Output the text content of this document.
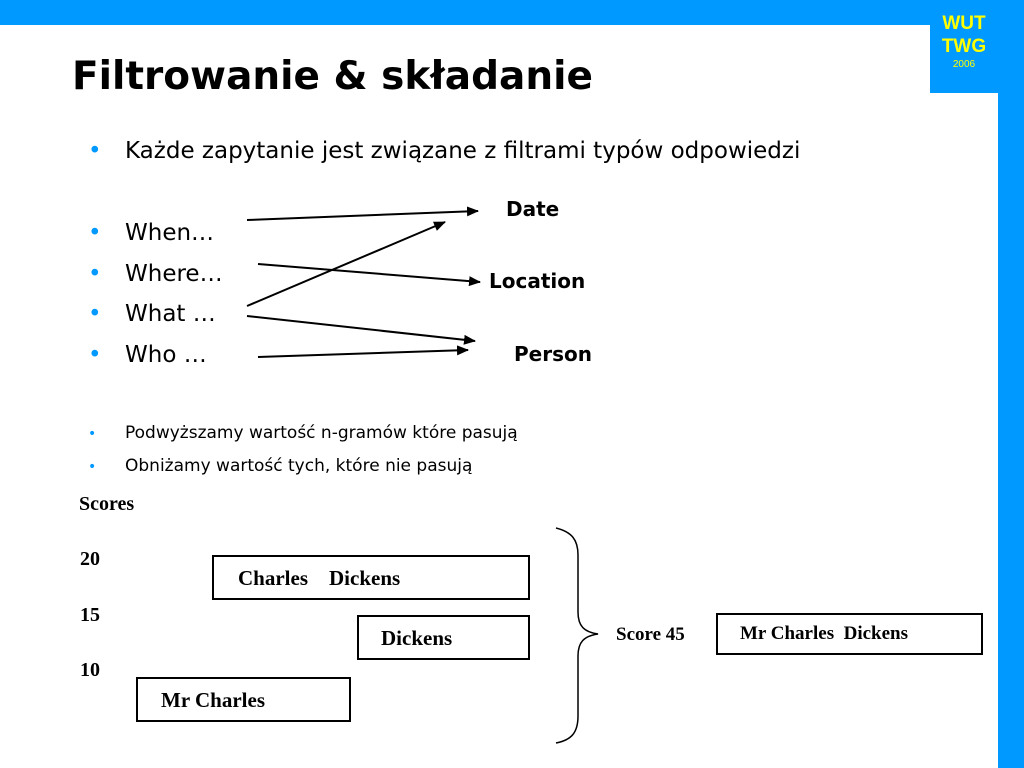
WUT
TWG
2006
Filtrowanie & składanie
• Każde zapytanie jest związane z filtrami typów odpowiedzi
• When…
• Where…
• What …
• Who …
Date
Location
Person
• Podwyższamy wartość n-gramów które pasują
• Obniżamy wartość tych, które nie pasują
Scores
20
15
10
Charles    Dickens
Dickens
Mr Charles
Score 45	Mr Charles  Dickens
